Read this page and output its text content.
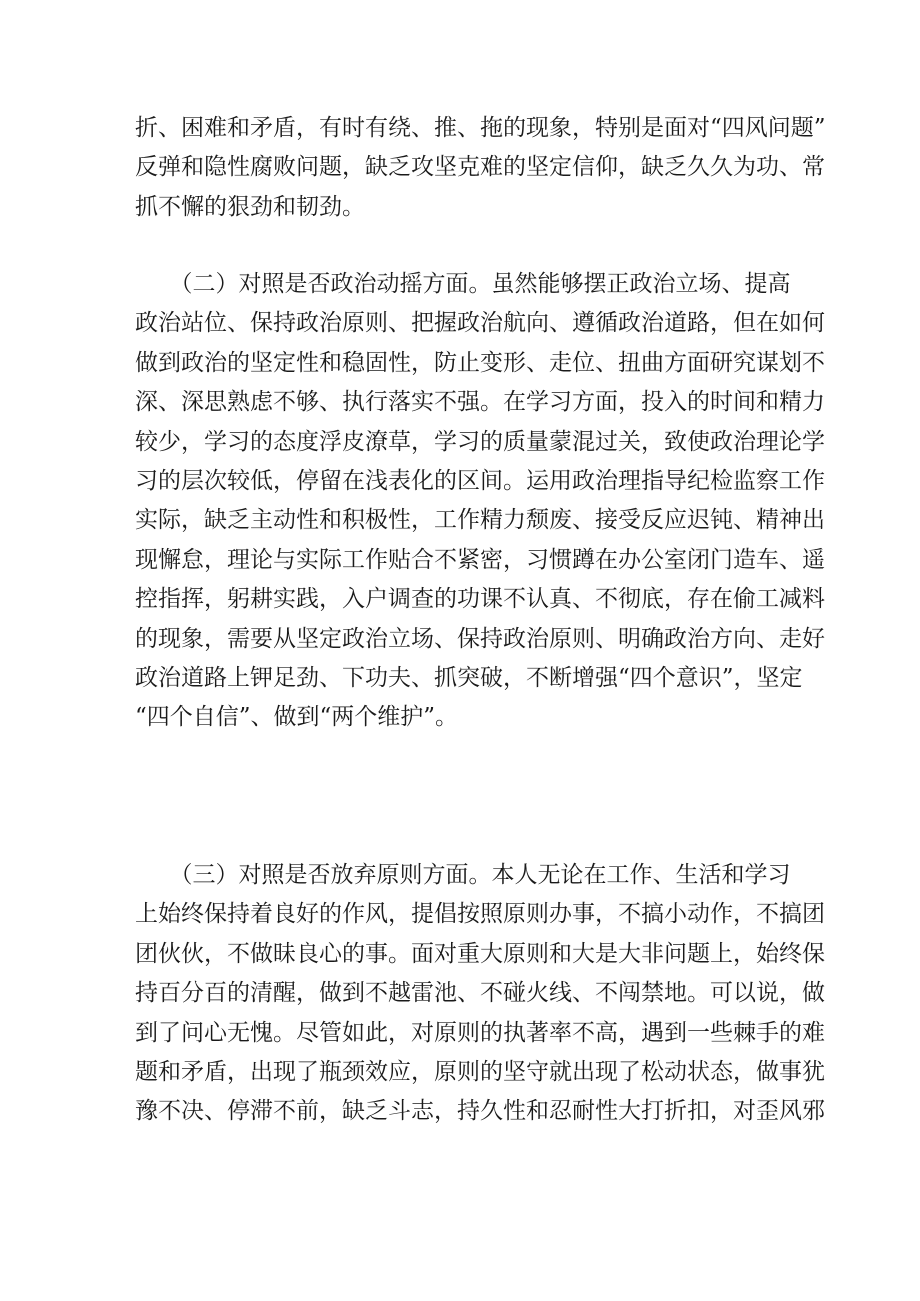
折、困难和矛盾，有时有绕、推、拖的现象，特别是面对“四风问题”
反弹和隐性腐败问题，缺乏攻坚克难的坚定信仰，缺乏久久为功、常
抓不懈的狠劲和韧劲。
　　（二）对照是否政治动摇方面。虽然能够摆正政治立场、提高
政治站位、保持政治原则、把握政治航向、遵循政治道路，但在如何
做到政治的坚定性和稳固性，防止变形、走位、扭曲方面研究谋划不
深、深思熟虑不够、执行落实不强。在学习方面，投入的时间和精力
较少，学习的态度浮皮潦草，学习的质量蒙混过关，致使政治理论学
习的层次较低，停留在浅表化的区间。运用政治理指导纪检监察工作
实际，缺乏主动性和积极性，工作精力颓废、接受反应迟钝、精神出
现懈怠，理论与实际工作贴合不紧密，习惯蹲在办公室闭门造车、遥
控指挥，躬耕实践，入户调查的功课不认真、不彻底，存在偷工减料
的现象，需要从坚定政治立场、保持政治原则、明确政治方向、走好
政治道路上钾足劲、下功夫、抓突破，不断增强“四个意识”，坚定
“四个自信”、做到“两个维护”。
　　（三）对照是否放弃原则方面。本人无论在工作、生活和学习
上始终保持着良好的作风，提倡按照原则办事，不搞小动作，不搞团
团伙伙，不做昧良心的事。面对重大原则和大是大非问题上，始终保
持百分百的清醒，做到不越雷池、不碰火线、不闯禁地。可以说，做
到了问心无愧。尽管如此，对原则的执著率不高，遇到一些棘手的难
题和矛盾，出现了瓶颈效应，原则的坚守就出现了松动状态，做事犹
豫不决、停滞不前，缺乏斗志，持久性和忍耐性大打折扣，对歪风邪
